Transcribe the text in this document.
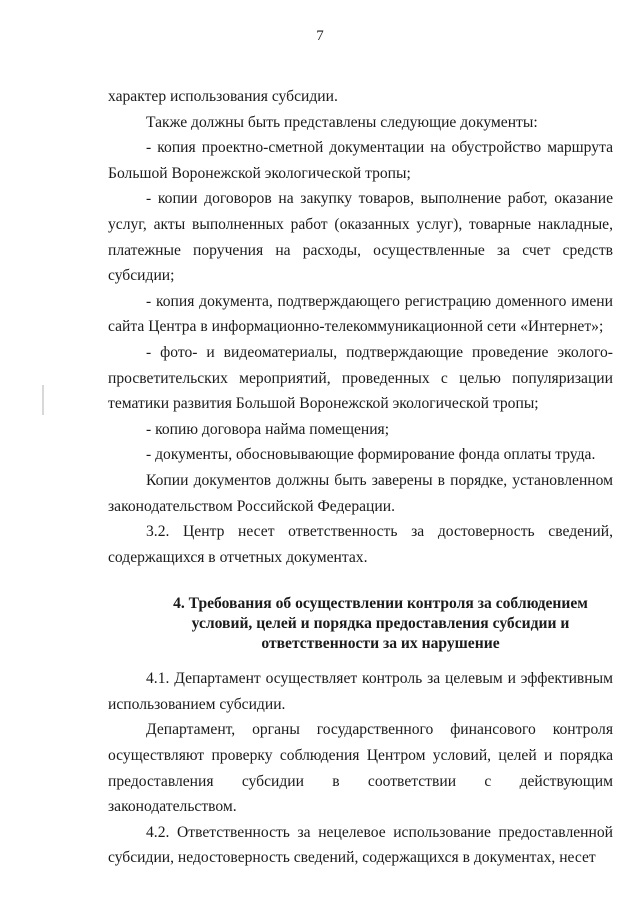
7

характер использования субсидии.

Также должны быть представлены следующие документы:

- копия проектно-сметной документации на обустройство маршрута Большой Воронежской экологической тропы;

- копии договоров на закупку товаров, выполнение работ, оказание услуг, акты выполненных работ (оказанных услуг), товарные накладные, платежные поручения на расходы, осуществленные за счет средств субсидии;

- копия документа, подтверждающего регистрацию доменного имени сайта Центра в информационно-телекоммуникационной сети «Интернет»;

- фото- и видеоматериалы, подтверждающие проведение эколого-просветительских мероприятий, проведенных с целью популяризации тематики развития Большой Воронежской экологической тропы;

- копию договора найма помещения;

- документы, обосновывающие формирование фонда оплаты труда.

Копии документов должны быть заверены в порядке, установленном законодательством Российской Федерации.

3.2. Центр несет ответственность за достоверность сведений, содержащихся в отчетных документах.

4. Требования об осуществлении контроля за соблюдением

условий, целей и порядка предоставления субсидии и

ответственности за их нарушение

4.1. Департамент осуществляет контроль за целевым и эффективным использованием субсидии.

Департамент, органы государственного финансового контроля осуществляют проверку соблюдения Центром условий, целей и порядка предоставления субсидии в соответствии с действующим законодательством.

4.2. Ответственность за нецелевое использование предоставленной субсидии, недостоверность сведений, содержащихся в документах, несет
